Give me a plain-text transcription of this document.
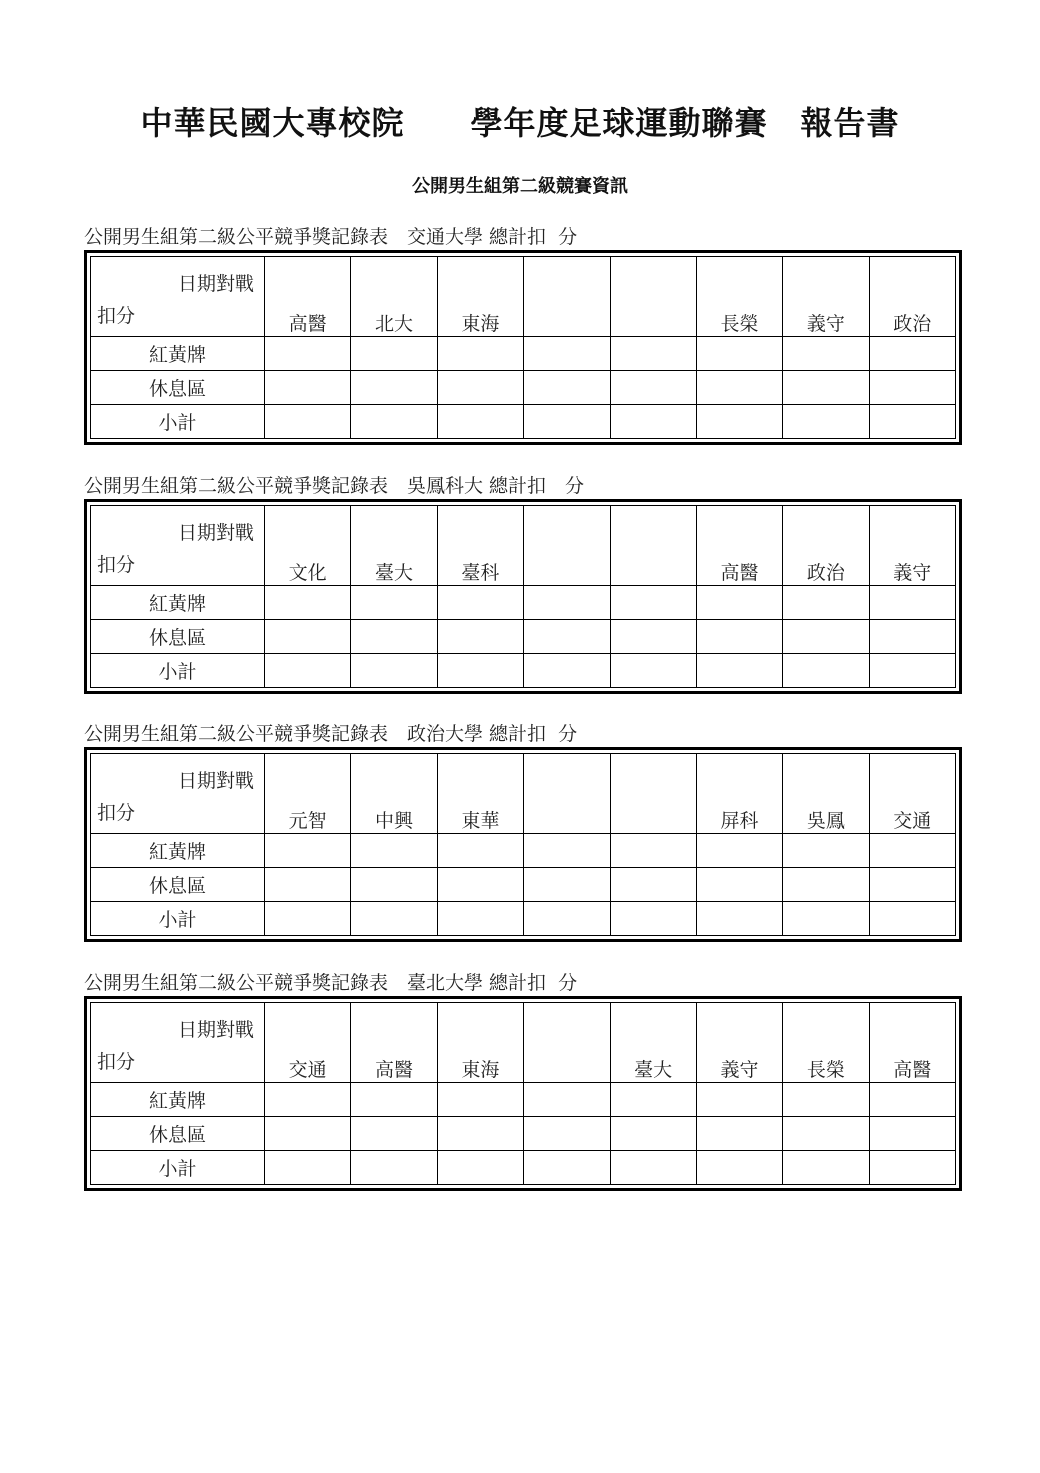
中華民國大專校院　　學年度足球運動聯賽　報告書
公開男生組第二級競賽資訊
公開男生組第二級公平競爭獎記錄表　交通大學 總計扣  分
日期對戰
扣分	高醫	北大	東海			長榮	義守	政治
紅黃牌								
休息區								
小計								
公開男生組第二級公平競爭獎記錄表　吳鳳科大 總計扣　分
日期對戰
扣分	文化	臺大	臺科			高醫	政治	義守
紅黃牌								
休息區								
小計								
公開男生組第二級公平競爭獎記錄表　政治大學 總計扣  分
日期對戰
扣分	元智	中興	東華			屏科	吳鳳	交通
紅黃牌								
休息區								
小計								
公開男生組第二級公平競爭獎記錄表　臺北大學 總計扣  分
日期對戰
扣分	交通	高醫	東海		臺大	義守	長榮	高醫
紅黃牌								
休息區								
小計								
